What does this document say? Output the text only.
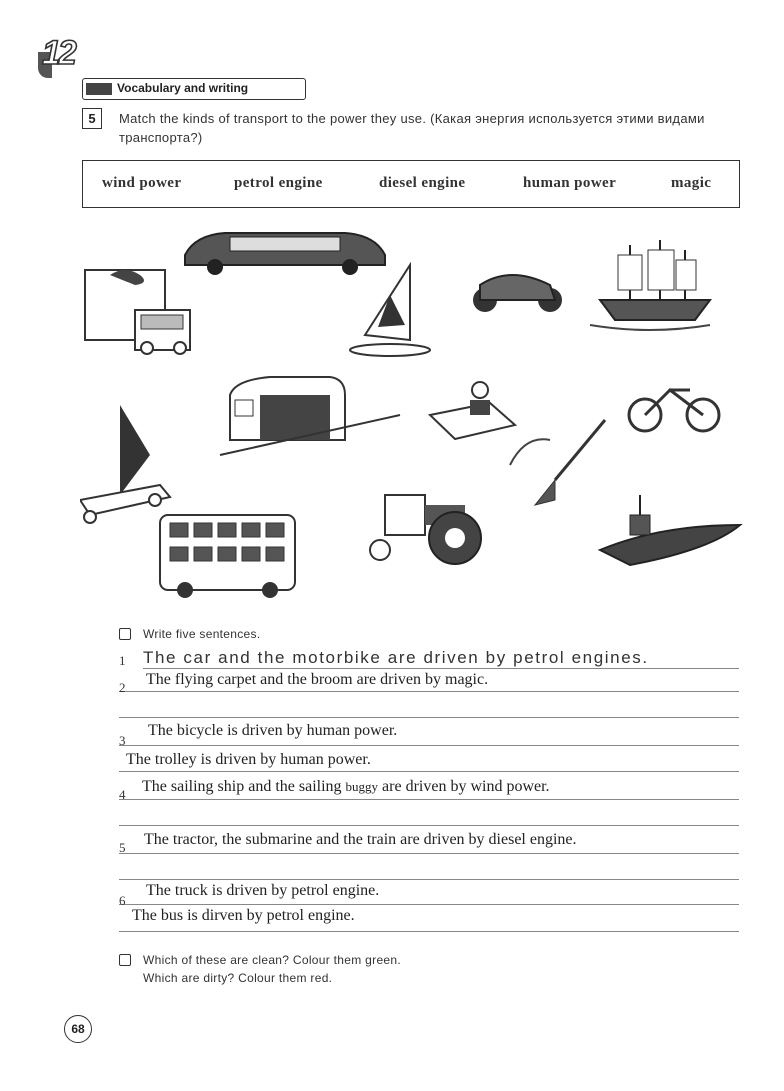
12
Vocabulary and writing
5	Match the kinds of transport to the power they use. (Какая энергия используется этими видами транспорта?)
wind power	petrol engine	diesel engine	human power	magic
Write five sentences.
1
2
3
4
5
6
The car and the motorbike are driven by petrol engines.
The flying carpet and the broom are driven by magic.
The bicycle is driven by human power.
The trolley is driven by human power.
The sailing ship and the sailing buggy are driven by wind power.
The tractor, the submarine and the train are driven by diesel engine.
The truck is driven by petrol engine.
The bus is dirven by petrol engine.
Which of these are clean? Colour them green.
Which are dirty? Colour them red.
68
